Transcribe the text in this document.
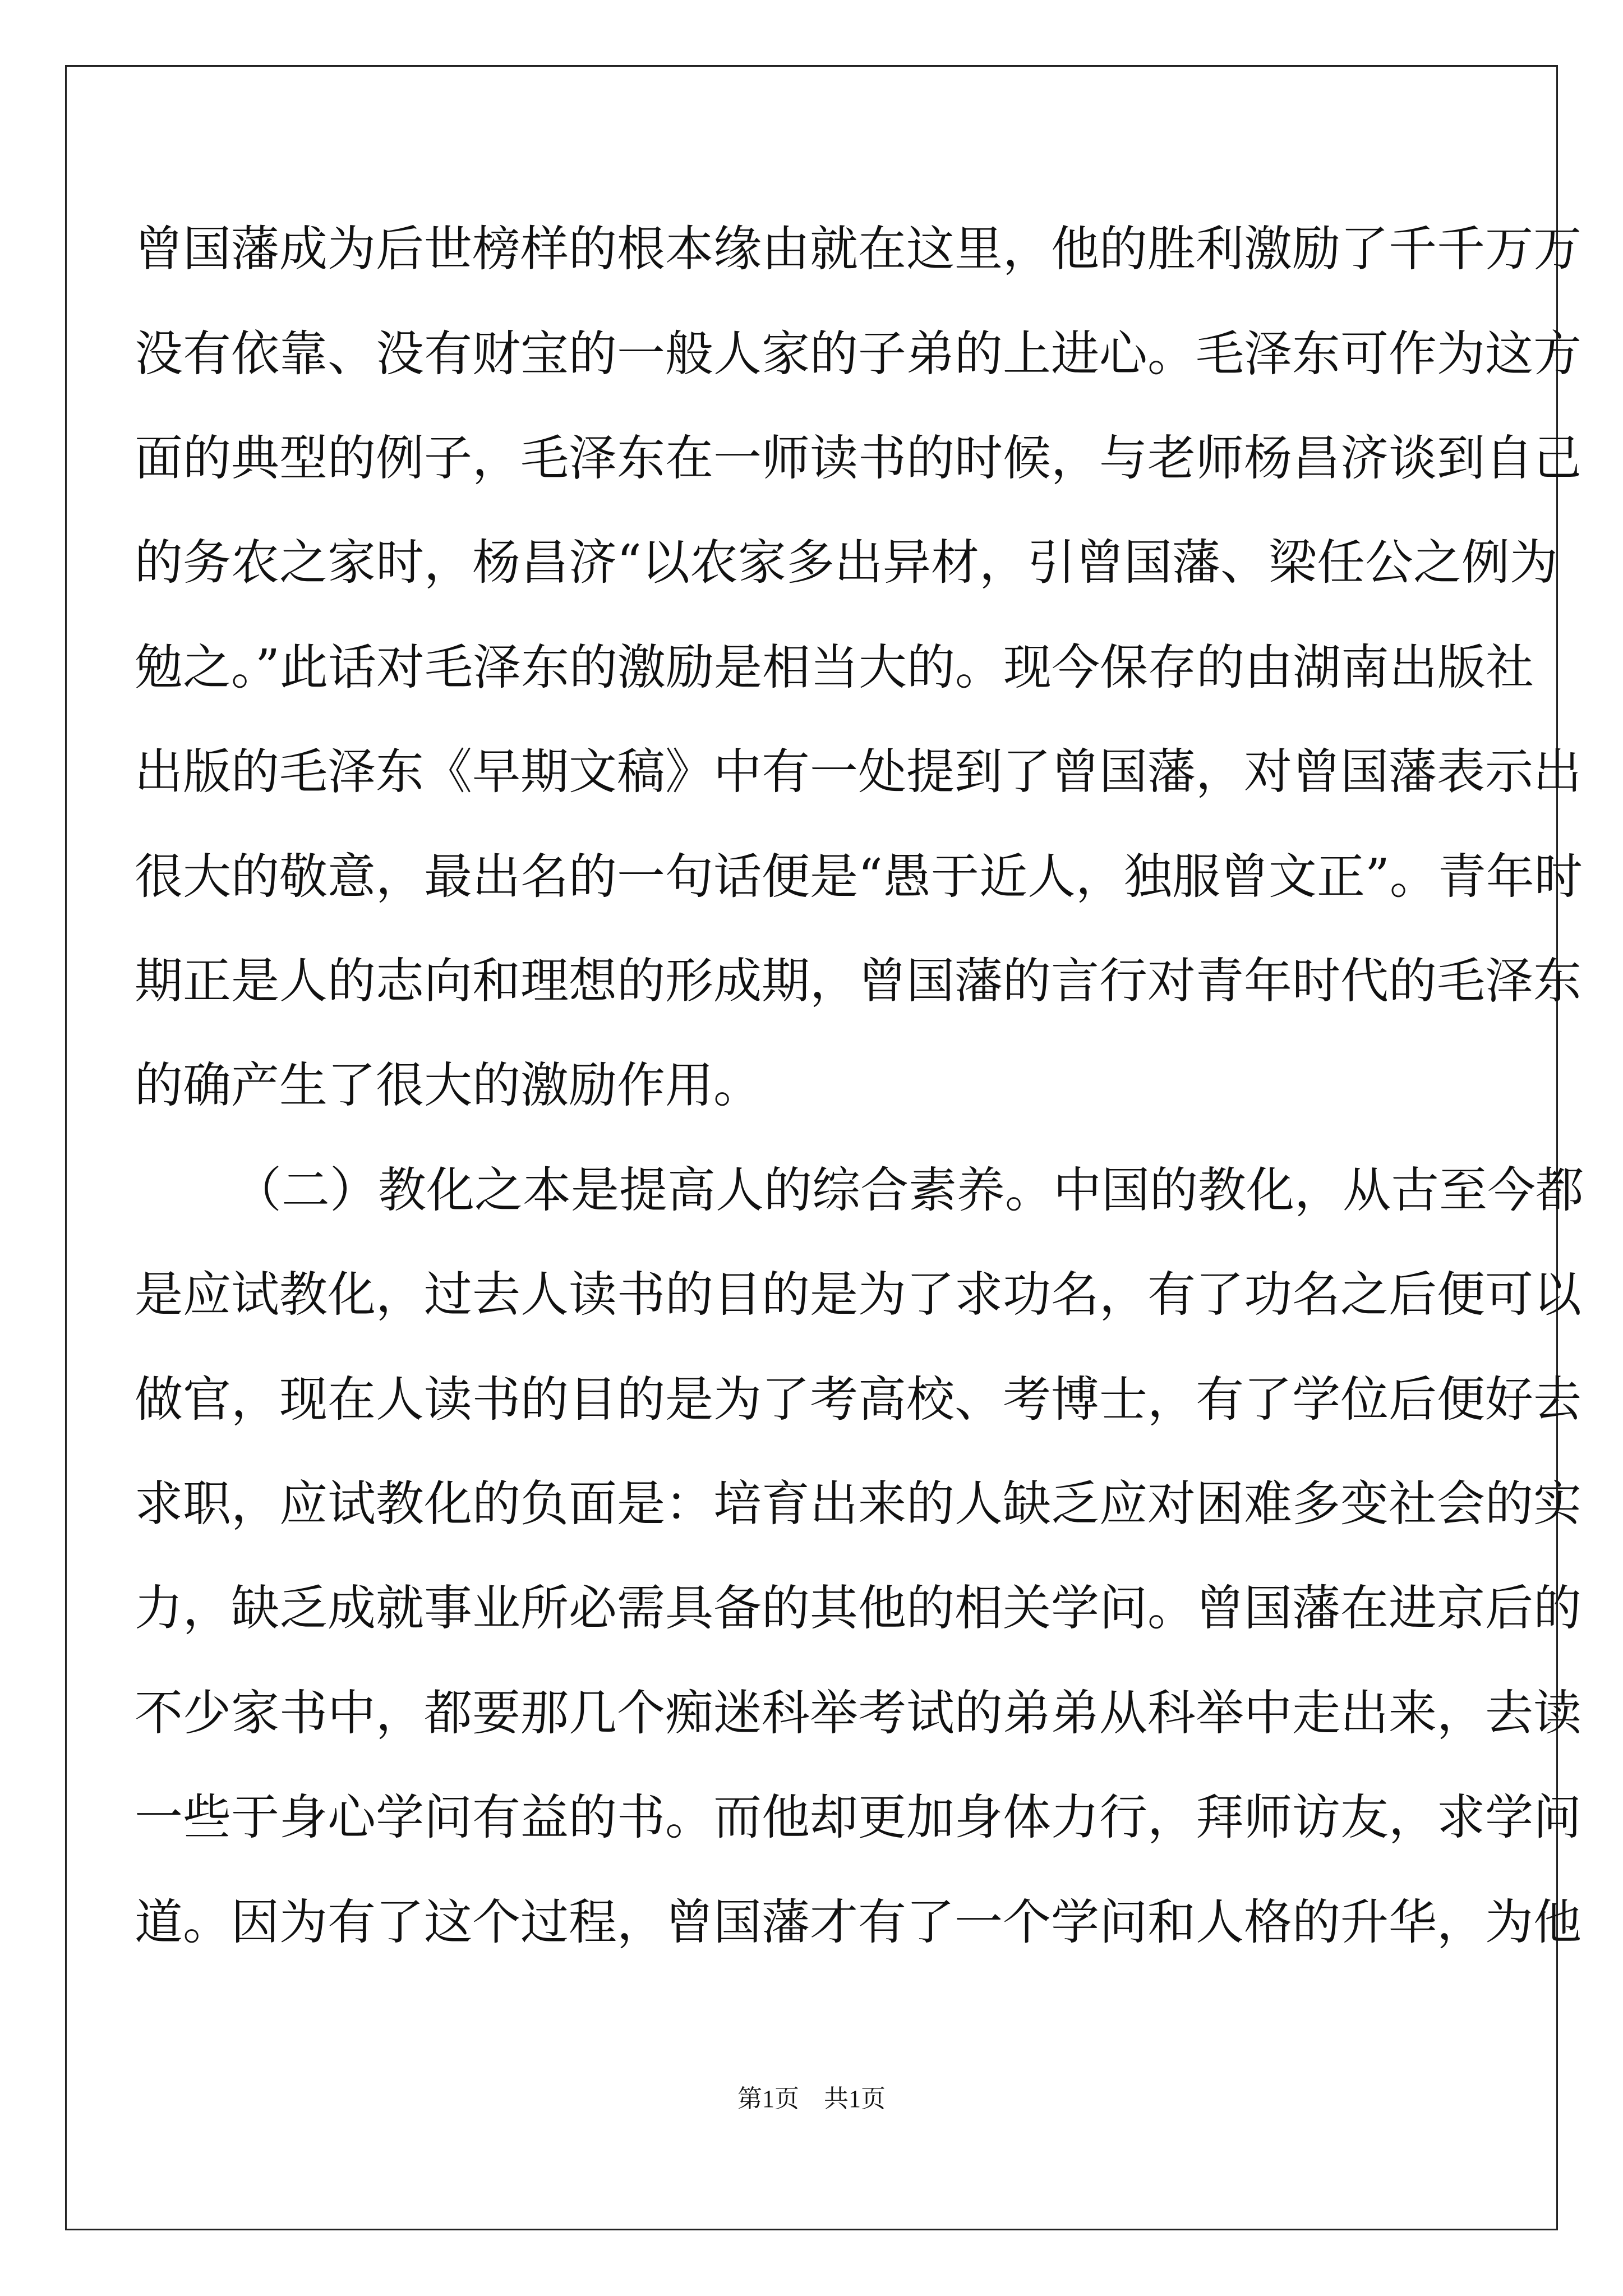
曾国藩成为后世榜样的根本缘由就在这里，他的胜利激励了千千万万
没有依靠、没有财宝的一般人家的子弟的上进心。毛泽东可作为这方
面的典型的例子，毛泽东在一师读书的时候，与老师杨昌济谈到自己
的务农之家时，杨昌济“以农家多出异材，引曾国藩、梁任公之例为
勉之。”此话对毛泽东的激励是相当大的。现今保存的由湖南出版社
出版的毛泽东《早期文稿》中有一处提到了曾国藩，对曾国藩表示出
很大的敬意，最出名的一句话便是“愚于近人，独服曾文正”。青年时
期正是人的志向和理想的形成期，曾国藩的言行对青年时代的毛泽东
的确产生了很大的激励作用。
（二）教化之本是提高人的综合素养。中国的教化，从古至今都
是应试教化，过去人读书的目的是为了求功名，有了功名之后便可以
做官，现在人读书的目的是为了考高校、考博士，有了学位后便好去
求职，应试教化的负面是：培育出来的人缺乏应对困难多变社会的实
力，缺乏成就事业所必需具备的其他的相关学问。曾国藩在进京后的
不少家书中，都要那几个痴迷科举考试的弟弟从科举中走出来，去读
一些于身心学问有益的书。而他却更加身体力行，拜师访友，求学问
道。因为有了这个过程，曾国藩才有了一个学问和人格的升华，为他
第1页　共1页
